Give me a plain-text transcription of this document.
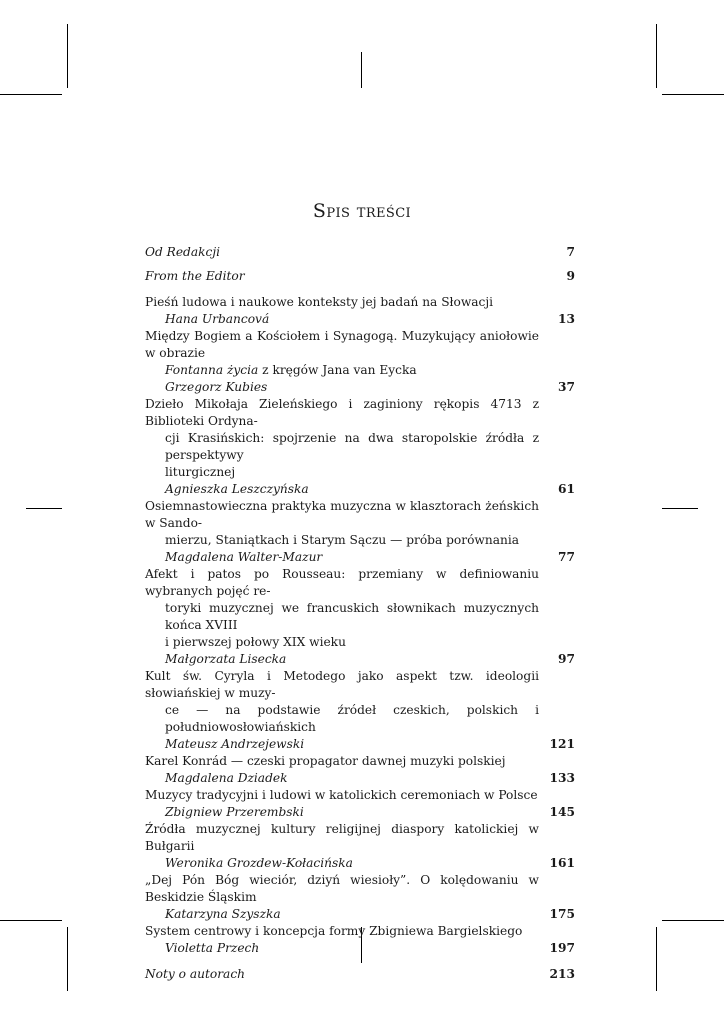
Spis treści
Od Redakcji	7
From the Editor	9
Pieśń ludowa i naukowe konteksty jej badań na Słowacji
Hana Urbancová	13
Między Bogiem a Kościołem i Synagogą. Muzykujący aniołowie w obrazie
Fontanna życia z kręgów Jana van Eycka
Grzegorz Kubies	37
Dzieło Mikołaja Zieleńskiego i zaginiony rękopis 4713 z Biblioteki Ordyna-
cji Krasińskich: spojrzenie na dwa staropolskie źródła z perspektywy
liturgicznej
Agnieszka Leszczyńska	61
Osiemnastowieczna praktyka muzyczna w klasztorach żeńskich w Sando-
mierzu, Staniątkach i Starym Sączu — próba porównania
Magdalena Walter-Mazur	77
Afekt i patos po Rousseau: przemiany w definiowaniu wybranych pojęć re-
toryki muzycznej we francuskich słownikach muzycznych końca XVIII
i pierwszej połowy XIX wieku
Małgorzata Lisecka	97
Kult św. Cyryla i Metodego jako aspekt tzw. ideologii słowiańskiej w muzy-
ce — na podstawie źródeł czeskich, polskich i południowosłowiańskich
Mateusz Andrzejewski	121
Karel Konrád — czeski propagator dawnej muzyki polskiej
Magdalena Dziadek	133
Muzycy tradycyjni i ludowi w katolickich ceremoniach w Polsce
Zbigniew Przerembski	145
Źródła muzycznej kultury religijnej diaspory katolickiej w Bułgarii
Weronika Grozdew-Kołacińska	161
„Dej Pón Bóg wieciór, dziyń wiesioły”. O kolędowaniu w Beskidzie Śląskim
Katarzyna Szyszka	175
System centrowy i koncepcja formy Zbigniewa Bargielskiego
Violetta Przech	197
Noty o autorach	213
